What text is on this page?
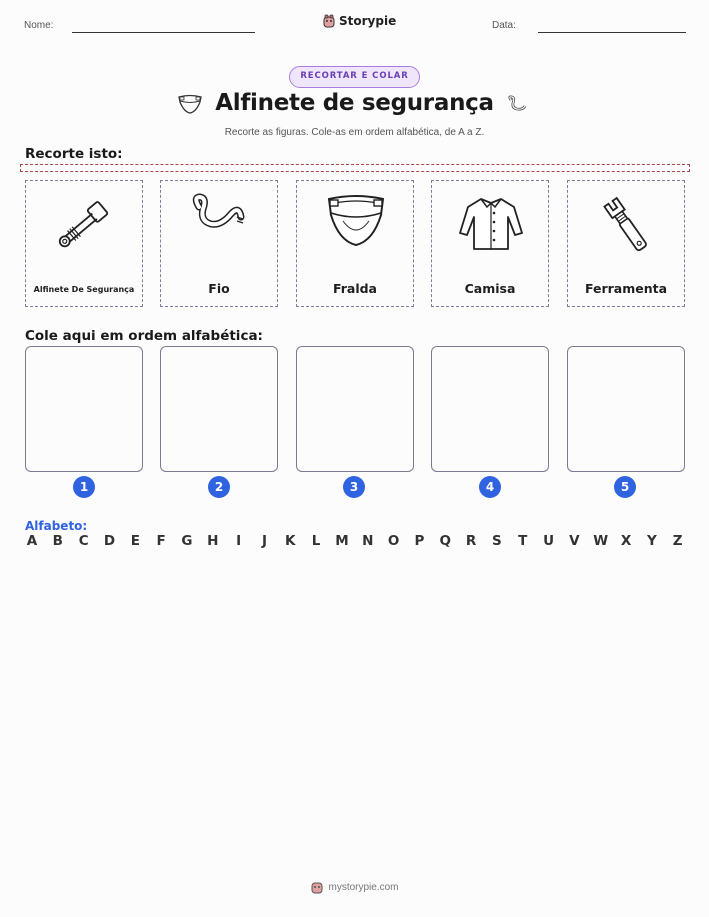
Nome:	Storypie	Data:
RECORTAR E COLAR
Alfinete de segurança
Recorte as figuras. Cole-as em ordem alfabética, de A a Z.
Recorte isto:
Alfinete De Segurança	Fio	Fralda	Camisa	Ferramenta
Cole aqui em ordem alfabética:
1	2	3	4	5
Alfabeto:
A B C D E F G H	I	J	K L M N O P Q R S T U V W X Y Z
mystorypie.com
